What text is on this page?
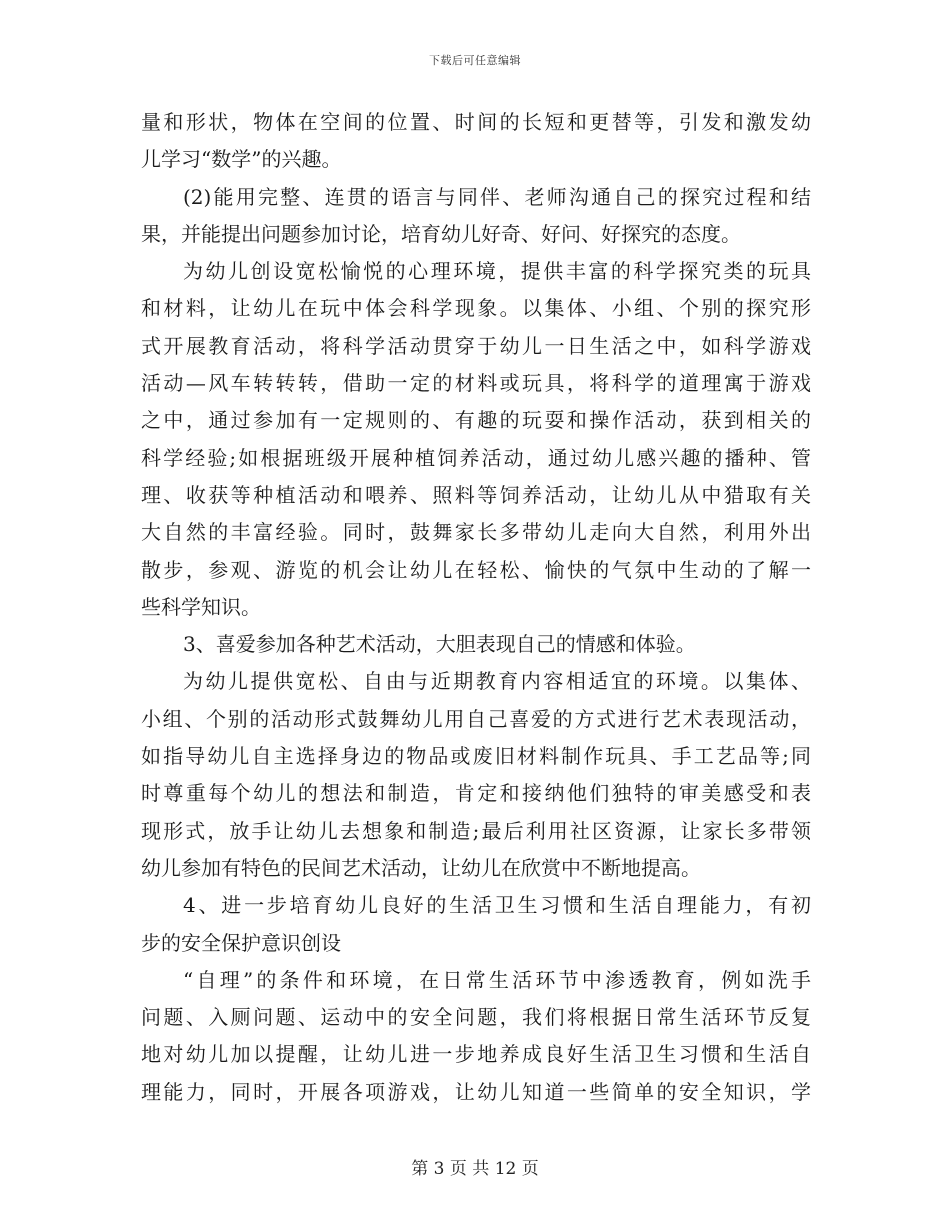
下载后可任意编辑
量和形状，物体在空间的位置、时间的长短和更替等，引发和激发幼
儿学习“数学”的兴趣。
(2)能用完整、连贯的语言与同伴、老师沟通自己的探究过程和结
果，并能提出问题参加讨论，培育幼儿好奇、好问、好探究的态度。
为幼儿创设宽松愉悦的心理环境，提供丰富的科学探究类的玩具
和材料，让幼儿在玩中体会科学现象。以集体、小组、个别的探究形
式开展教育活动，将科学活动贯穿于幼儿一日生活之中，如科学游戏
活动—风车转转转，借助一定的材料或玩具，将科学的道理寓于游戏
之中，通过参加有一定规则的、有趣的玩耍和操作活动，获到相关的
科学经验;如根据班级开展种植饲养活动，通过幼儿感兴趣的播种、管
理、收获等种植活动和喂养、照料等饲养活动，让幼儿从中猎取有关
大自然的丰富经验。同时，鼓舞家长多带幼儿走向大自然，利用外出
散步，参观、游览的机会让幼儿在轻松、愉快的气氛中生动的了解一
些科学知识。
3、喜爱参加各种艺术活动，大胆表现自己的情感和体验。
为幼儿提供宽松、自由与近期教育内容相适宜的环境。以集体、
小组、个别的活动形式鼓舞幼儿用自己喜爱的方式进行艺术表现活动，
如指导幼儿自主选择身边的物品或废旧材料制作玩具、手工艺品等;同
时尊重每个幼儿的想法和制造，肯定和接纳他们独特的审美感受和表
现形式，放手让幼儿去想象和制造;最后利用社区资源，让家长多带领
幼儿参加有特色的民间艺术活动，让幼儿在欣赏中不断地提高。
4、进一步培育幼儿良好的生活卫生习惯和生活自理能力，有初
步的安全保护意识创设
“自理”的条件和环境，在日常生活环节中渗透教育，例如洗手
问题、入厕问题、运动中的安全问题，我们将根据日常生活环节反复
地对幼儿加以提醒，让幼儿进一步地养成良好生活卫生习惯和生活自
理能力，同时，开展各项游戏，让幼儿知道一些简单的安全知识，学
第 3 页 共 12 页
